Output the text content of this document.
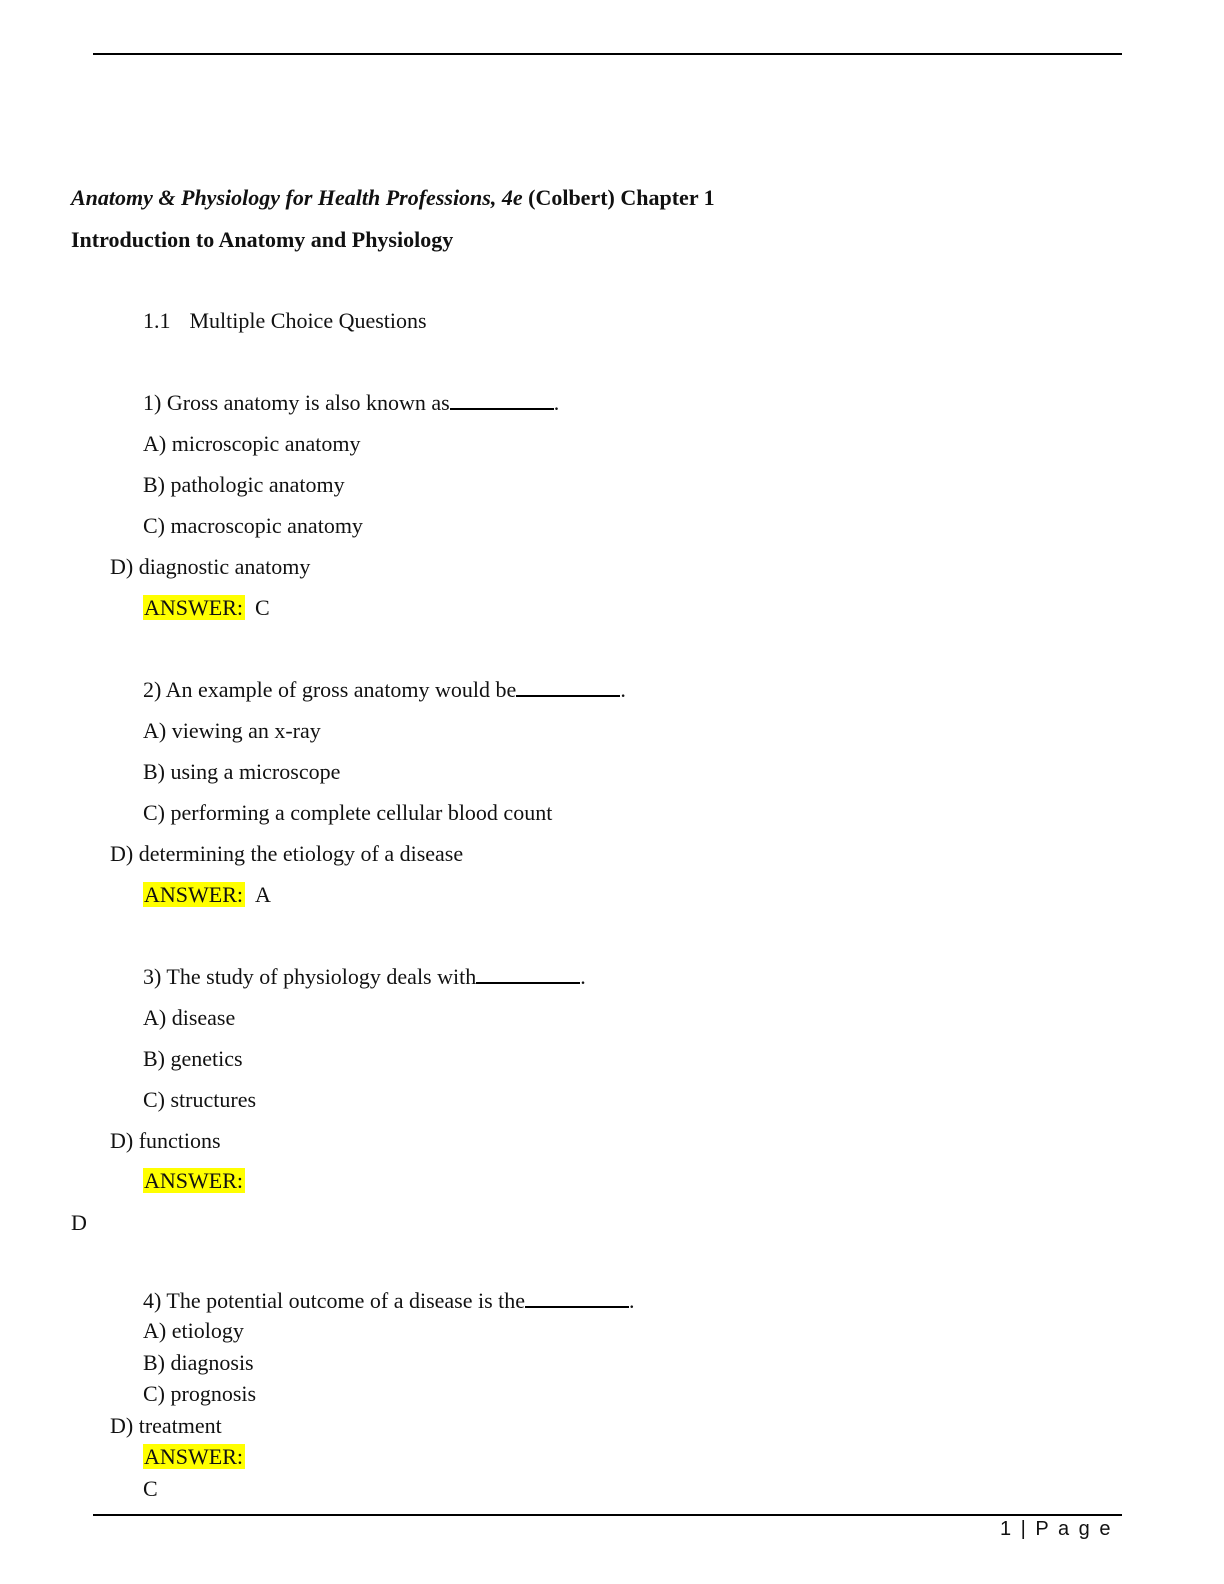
Anatomy & Physiology for Health Professions, 4e (Colbert) Chapter 1
Introduction to Anatomy and Physiology
1.1 Multiple Choice Questions
1) Gross anatomy is also known as	.
A) microscopic anatomy
B) pathologic anatomy
C) macroscopic anatomy
D) diagnostic anatomy
ANSWER: C
2) An example of gross anatomy would be	.
A) viewing an x-ray
B) using a microscope
C) performing a complete cellular blood count
D) determining the etiology of a disease
ANSWER: A
3) The study of physiology deals with	.
A) disease
B) genetics
C) structures
D) functions
ANSWER:
D
4) The potential outcome of a disease is the	.
A) etiology
B) diagnosis
C) prognosis
D) treatment
ANSWER:
C
1 | P a g e
